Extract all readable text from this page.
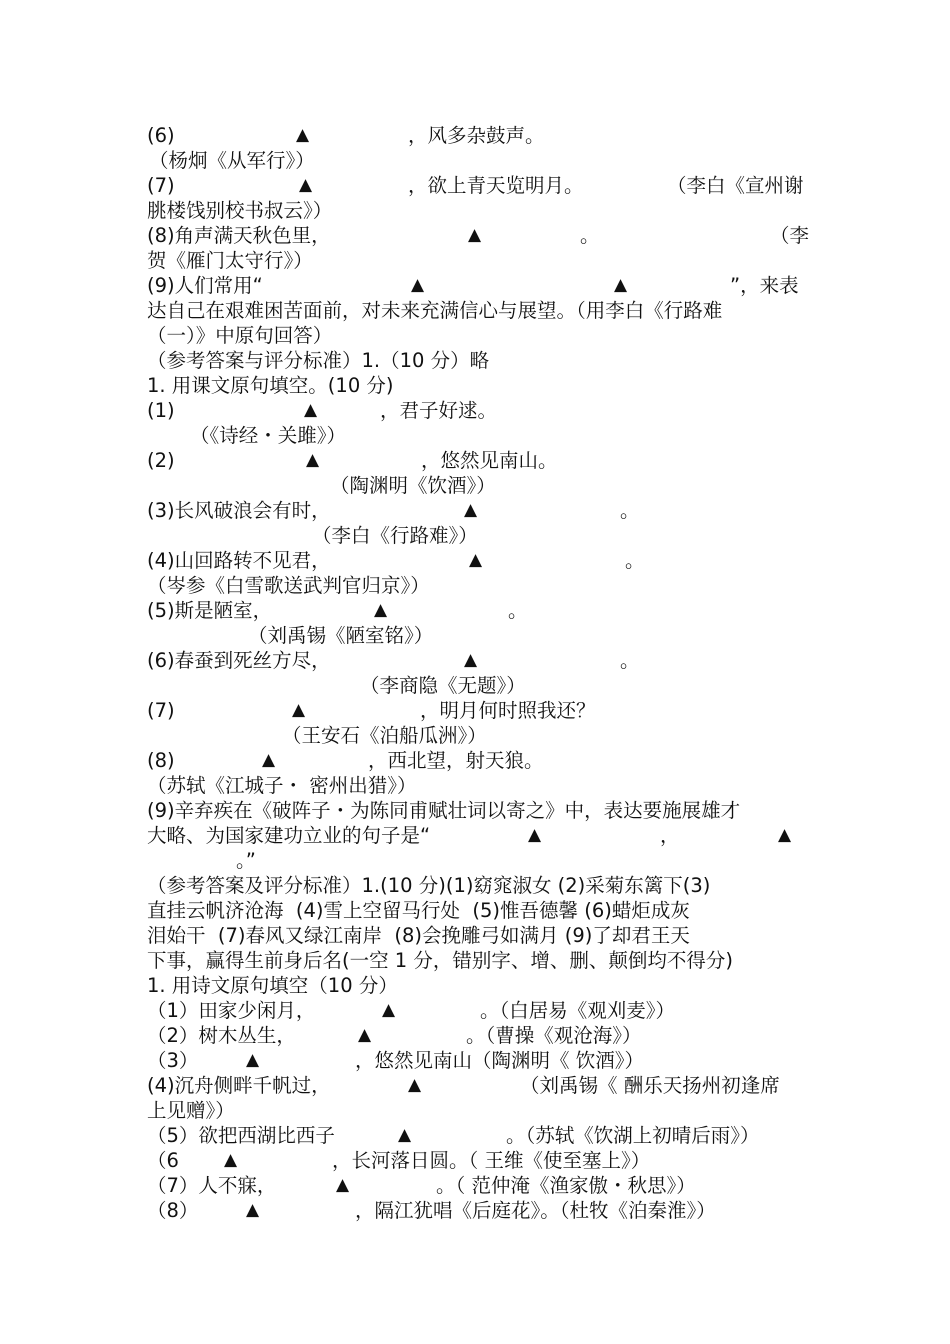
(6)

	▲

	，风多杂鼓声。

（杨炯《从军行》）

(7)

	▲

	，欲上青天览明月。

	（李白《宣州谢

朓楼饯别校书叔云》）

(8)角声满天秋色里，

	▲

	。

	（李

贺《雁门太守行》）

(9)人们常用“

	▲

	▲

	”，来表

达自己在艰难困苦面前，对未来充满信心与展望。（用李白《行路难

（一）》中原句回答）

（参考答案与评分标准）1.（10 分）略

1. 用课文原句填空。(10 分)

(1)

	▲

	，君子好逑。

（《诗经・关雎》）

(2)

	▲

	，悠然见南山。

（陶渊明《饮酒》）

(3)长风破浪会有时，

	▲

	。

（李白《行路难》）

(4)山回路转不见君，

	▲

	。

（岑参《白雪歌送武判官归京》）

(5)斯是陋室，

	▲

	。

（刘禹锡《陋室铭》）

(6)春蚕到死丝方尽，

	▲

	。

（李商隐《无题》）

(7)

	▲

	，明月何时照我还？

（王安石《泊船瓜洲》）

(8)

	▲

	，西北望，射天狼。

（苏轼《江城子・ 密州出猎》）

(9)辛弃疾在《破阵子・为陈同甫赋壮词以寄之》中，表达要施展雄才

大略、为国家建功立业的句子是“

	▲

	，

	▲

。”

（参考答案及评分标准）1.(10 分)(1)窈窕淑女 (2)采菊东篱下(3)

直挂云帆济沧海  (4)雪上空留马行处  (5)惟吾德馨 (6)蜡炬成灰

泪始干  (7)春风又绿江南岸  (8)会挽雕弓如满月 (9)了却君王天

下事，赢得生前身后名(一空 1 分，错别字、增、删、颠倒均不得分)

1. 用诗文原句填空（10 分）

（1）田家少闲月，

	▲

	。（白居易《观刈麦》）

（2）树木丛生，

	▲

	。（曹操《观沧海》）

（3）

	▲

	，悠然见南山（陶渊明《 饮酒》）

(4)沉舟侧畔千帆过，

	▲

	（刘禹锡《 酬乐天扬州初逢席

上见赠》）

（5）欲把西湖比西子

	▲

	。（苏轼《饮湖上初晴后雨》）

（6

	▲

	，长河落日圆。（ 王维《使至塞上》）

（7）人不寐，

	▲

	。（ 范仲淹《渔家傲・秋思》）

（8）

	▲

	，隔江犹唱《后庭花》。（杜牧《泊秦淮》）
